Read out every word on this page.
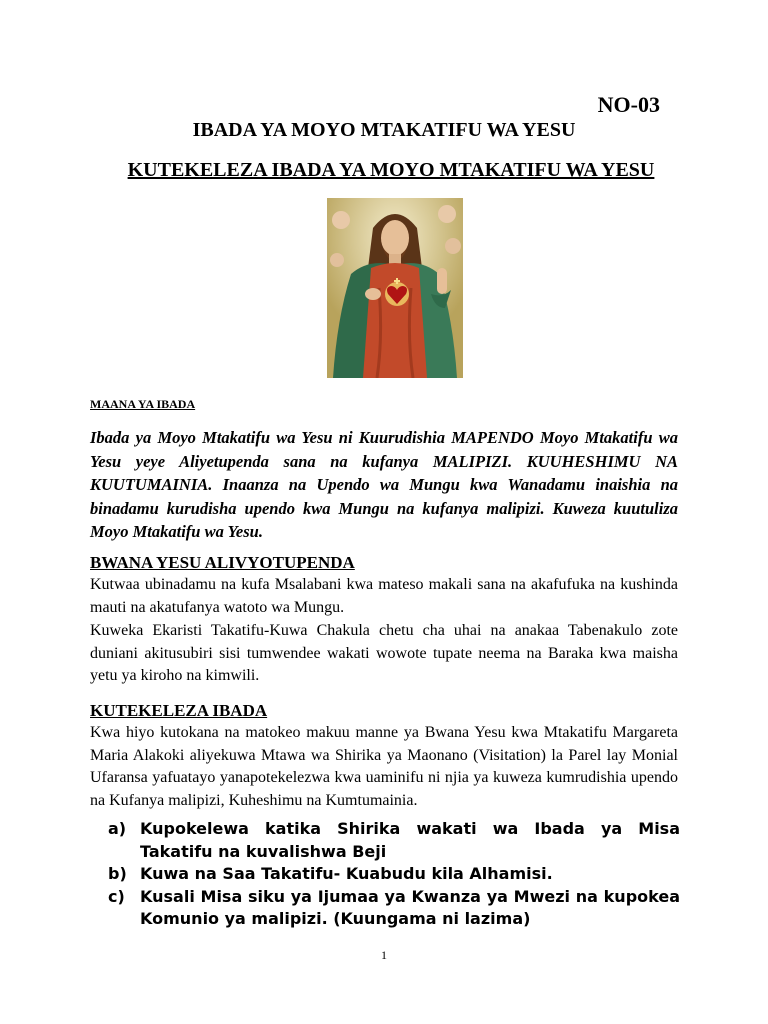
NO-03
IBADA YA MOYO MTAKATIFU WA YESU
KUTEKELEZA IBADA YA MOYO MTAKATIFU WA YESU
MAANA YA IBADA
Ibada ya Moyo Mtakatifu wa Yesu ni Kuurudishia MAPENDO Moyo Mtakatifu wa Yesu yeye Aliyetupenda sana na kufanya MALIPIZI. KUUHESHIMU NA KUUTUMAINIA. Inaanza na Upendo wa Mungu kwa Wanadamu inaishia na binadamu kurudisha upendo kwa Mungu na kufanya malipizi. Kuweza kuutuliza Moyo Mtakatifu wa Yesu.
BWANA YESU ALIVYOTUPENDA
Kutwaa ubinadamu na kufa Msalabani kwa mateso makali sana na akafufuka na kushinda mauti na akatufanya watoto wa Mungu.
Kuweka Ekaristi Takatifu-Kuwa Chakula chetu cha uhai na anakaa Tabenakulo zote duniani akitusubiri sisi tumwendee wakati wowote tupate neema na Baraka kwa maisha yetu ya kiroho na kimwili.
KUTEKELEZA IBADA
Kwa hiyo kutokana na matokeo makuu manne ya Bwana Yesu kwa Mtakatifu Margareta Maria Alakoki aliyekuwa Mtawa wa Shirika ya Maonano (Visitation) la Parel lay Monial Ufaransa yafuatayo yanapotekelezwa kwa uaminifu ni njia ya kuweza kumrudishia upendo na Kufanya malipizi, Kuheshimu na Kumtumainia.
a) Kupokelewa katika Shirika wakati wa Ibada ya Misa Takatifu na kuvalishwa Beji
b) Kuwa na Saa Takatifu- Kuabudu kila Alhamisi.
c) Kusali Misa siku ya Ijumaa ya Kwanza ya Mwezi na kupokea Komunio ya malipizi. (Kuungama ni lazima)
1
